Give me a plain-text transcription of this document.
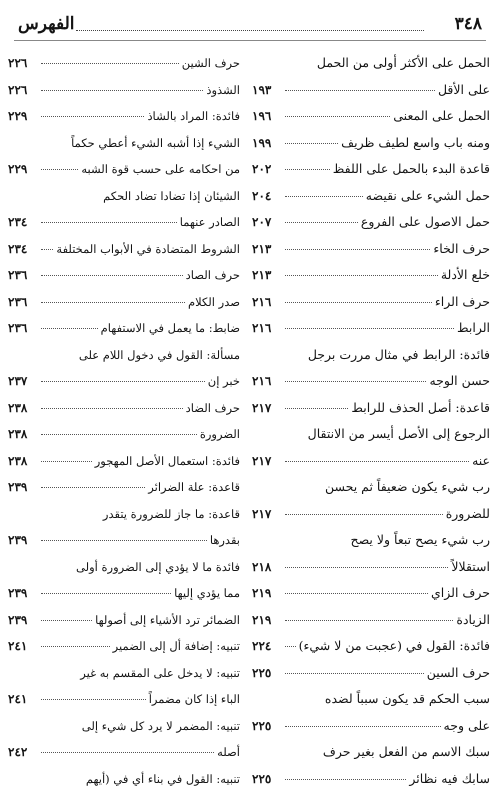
٣٤٨
الفهرس
الحمل على الأكثر أولى من الحمل
على الأقل
١٩٣
الحمل على المعنى
١٩٦
ومنه باب واسع لطيف ظريف
١٩٩
قاعدة البدء بالحمل على اللفظ
٢٠٢
حمل الشيء على نقيضه
٢٠٤
حمل الاصول على الفروع
٢٠٧
حرف الخاء
٢١٣
خلع الأدلة
٢١٣
حرف الراء
٢١٦
الرابط
٢١٦
فائدة: الرابط في مثال مررت برجل
حسن الوجه
٢١٦
قاعدة: أصل الحذف للرابط
٢١٧
الرجوع إلى الأصل أيسر من الانتقال
عنه
٢١٧
رب شيء يكون ضعيفاً ثم يحسن
للضرورة
٢١٧
رب شيء يصح تبعاً ولا يصح
استقلالاً
٢١٨
حرف الزاي
٢١٩
الزيادة
٢١٩
فائدة: القول في (عجبت من لا شيء)
٢٢٤
حرف السين
٢٢٥
سبب الحكم قد يكون سبباً لضده
على وجه
٢٢٥
سبك الاسم من الفعل بغير حرف
سابك فيه نظائر
٢٢٥
حرف الشين
٢٢٦
الشذوذ
٢٢٦
فائدة: المراد بالشاذ
٢٢٩
الشيء إذا أشبه الشيء أعطي حكماً
من احكامه على حسب قوة الشبه
٢٢٩
الشيئان إذا تضادا تضاد الحكم
الصادر عنهما
٢٣٤
الشروط المتضادة في الأبواب المختلفة
٢٣٤
حرف الصاد
٢٣٦
صدر الكلام
٢٣٦
ضابط: ما يعمل في الاستفهام
٢٣٦
مسألة: القول في دخول اللام على
خبر إن
٢٣٧
حرف الضاد
٢٣٨
الضرورة
٢٣٨
فائدة: استعمال الأصل المهجور
٢٣٨
قاعدة: علة الضرائر
٢٣٩
قاعدة: ما جاز للضرورة يتقدر
بقدرها
٢٣٩
فائدة ما لا يؤدي إلى الضرورة أولى
مما يؤدي إليها
٢٣٩
الضمائر ترد الأشياء إلى أصولها
٢٣٩
تنبيه: إضافة أل إلى الضمير
٢٤١
تنبيه: لا يدخل على المقسم به غير
الباء إذا كان مضمراً
٢٤١
تنبيه: المضمر لا يرد كل شيء إلى
أصله
٢٤٢
تنبيه: القول في بناء أي في (أيهم
